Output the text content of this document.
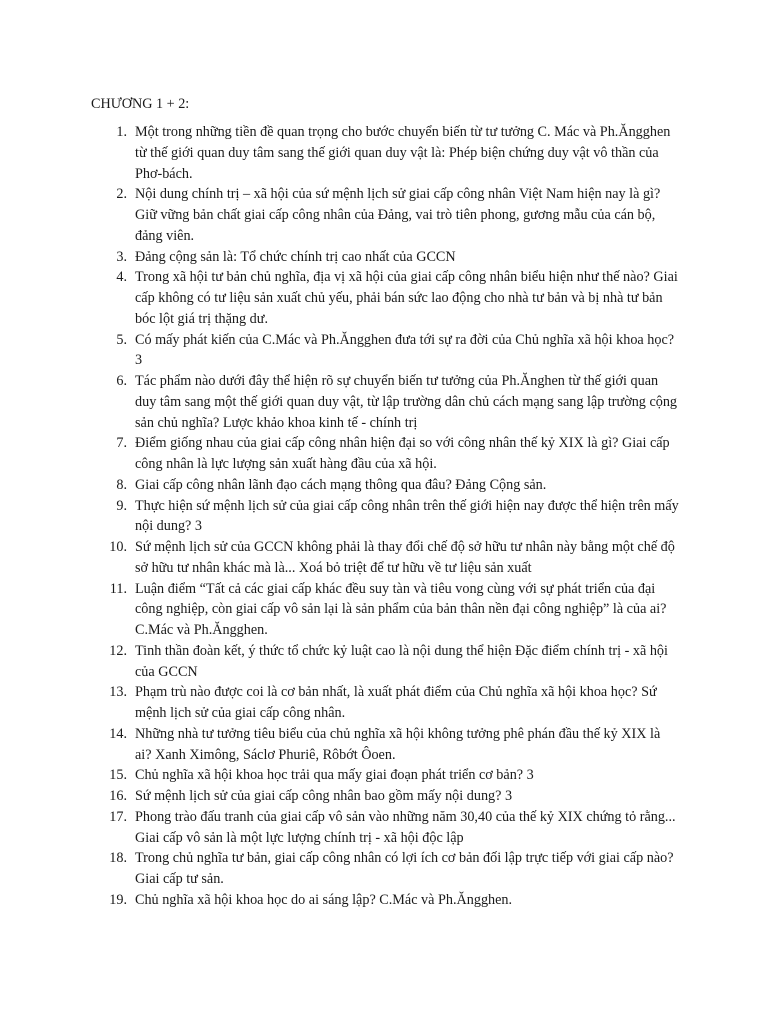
CHƯƠNG 1 + 2:
1. Một trong những tiền đề quan trọng cho bước chuyển biến từ tư tưởng C. Mác và Ph.Ăngghen từ thế giới quan duy tâm sang thế giới quan duy vật là: Phép biện chứng duy vật vô thần của Phơ-bách.
2. Nội dung chính trị – xã hội của sứ mệnh lịch sử giai cấp công nhân Việt Nam hiện nay là gì? Giữ vững bản chất giai cấp công nhân của Đảng, vai trò tiên phong, gương mẫu của cán bộ, đảng viên.
3. Đảng cộng sản là: Tổ chức chính trị cao nhất của GCCN
4. Trong xã hội tư bản chủ nghĩa, địa vị xã hội của giai cấp công nhân biểu hiện như thế nào? Giai cấp không có tư liệu sản xuất chủ yếu, phải bán sức lao động cho nhà tư bản và bị nhà tư bản bóc lột giá trị thặng dư.
5. Có mấy phát kiến của C.Mác và Ph.Ăngghen đưa tới sự ra đời của Chủ nghĩa xã hội khoa học? 3
6. Tác phẩm nào dưới đây thể hiện rõ sự chuyển biến tư tưởng của Ph.Ănghen từ thế giới quan duy tâm sang một thế giới quan duy vật, từ lập trường dân chủ cách mạng sang lập trường cộng sản chủ nghĩa? Lược khảo khoa kinh tế - chính trị
7. Điểm giống nhau của giai cấp công nhân hiện đại so với công nhân thế kỷ XIX là gì? Giai cấp công nhân là lực lượng sản xuất hàng đầu của xã hội.
8. Giai cấp công nhân lãnh đạo cách mạng thông qua đâu? Đảng Cộng sản.
9. Thực hiện sứ mệnh lịch sử của giai cấp công nhân trên thế giới hiện nay được thể hiện trên mấy nội dung? 3
10. Sứ mệnh lịch sử của GCCN không phải là thay đổi chế độ sở hữu tư nhân này bằng một chế độ sở hữu tư nhân khác mà là... Xoá bỏ triệt để tư hữu về tư liệu sản xuất
11. Luận điểm “Tất cả các giai cấp khác đều suy tàn và tiêu vong cùng với sự phát triển của đại công nghiệp, còn giai cấp vô sản lại là sản phẩm của bản thân nền đại công nghiệp” là của ai? C.Mác và Ph.Ăngghen.
12. Tinh thần đoàn kết, ý thức tổ chức kỷ luật cao là nội dung thể hiện Đặc điểm chính trị - xã hội của GCCN
13. Phạm trù nào được coi là cơ bản nhất, là xuất phát điểm của Chủ nghĩa xã hội khoa học? Sứ mệnh lịch sử của giai cấp công nhân.
14. Những nhà tư tưởng tiêu biểu của chủ nghĩa xã hội không tưởng phê phán đầu thế kỷ XIX là ai? Xanh Ximông, Sáclơ Phuriê, Rôbớt Ôoen.
15. Chủ nghĩa xã hội khoa học trải qua mấy giai đoạn phát triển cơ bản? 3
16. Sứ mệnh lịch sử của giai cấp công nhân bao gồm mấy nội dung? 3
17. Phong trào đấu tranh của giai cấp vô sản vào những năm 30,40 của thế kỷ XIX chứng tỏ rằng... Giai cấp vô sản là một lực lượng chính trị - xã hội độc lập
18. Trong chủ nghĩa tư bản, giai cấp công nhân có lợi ích cơ bản đối lập trực tiếp với giai cấp nào? Giai cấp tư sản.
19. Chủ nghĩa xã hội khoa học do ai sáng lập? C.Mác và Ph.Ăngghen.
